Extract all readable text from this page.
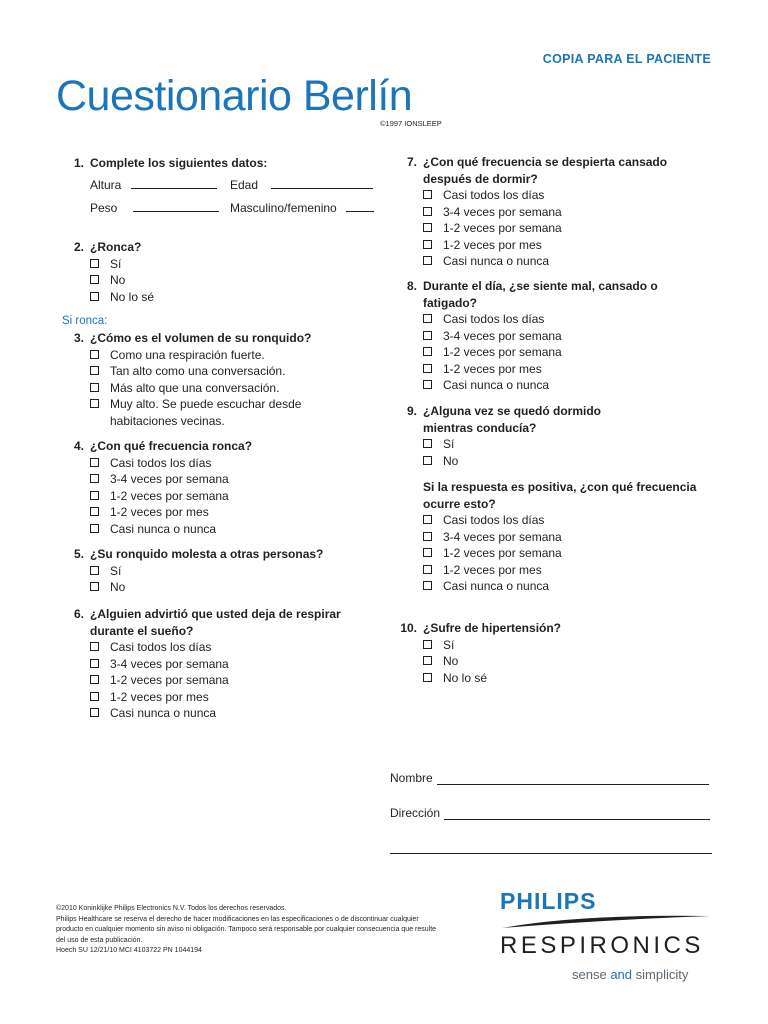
COPIA PARA EL PACIENTE
Cuestionario Berlín
©1997 IONSLEEP
1. Complete los siguientes datos:
Altura	Edad
Peso	Masculino/femenino
2. ¿Ronca?
Sí
No
No lo sé
Si ronca:
3. ¿Cómo es el volumen de su ronquido?
Como una respiración fuerte.
Tan alto como una conversación.
Más alto que una conversación.
Muy alto. Se puede escuchar desde habitaciones vecinas.
4. ¿Con qué frecuencia ronca?
Casi todos los días
3-4 veces por semana
1-2 veces por semana
1-2 veces por mes
Casi nunca o nunca
5. ¿Su ronquido molesta a otras personas?
Sí
No
6. ¿Alguien advirtió que usted deja de respirar durante el sueño?
Casi todos los días
3-4 veces por semana
1-2 veces por semana
1-2 veces por mes
Casi nunca o nunca
7. ¿Con qué frecuencia se despierta cansado después de dormir?
Casi todos los días
3-4 veces por semana
1-2 veces por semana
1-2 veces por mes
Casi nunca o nunca
8. Durante el día, ¿se siente mal, cansado o fatigado?
Casi todos los días
3-4 veces por semana
1-2 veces por semana
1-2 veces por mes
Casi nunca o nunca
9. ¿Alguna vez se quedó dormido mientras conducía?
Sí
No
Si la respuesta es positiva, ¿con qué frecuencia ocurre esto?
Casi todos los días
3-4 veces por semana
1-2 veces por semana
1-2 veces por mes
Casi nunca o nunca
10. ¿Sufre de hipertensión?
Sí
No
No lo sé
Nombre
Dirección
©2010 Koninklijke Philips Electronics N.V. Todos los derechos reservados.
Philips Healthcare se reserva el derecho de hacer modificaciones en las especificaciones o de discontinuar cualquier
producto en cualquier momento sin aviso ni obligación. Tampoco será responsable por cualquier consecuencia que resulte
del uso de esta publicación.
Hoech SU 12/21/10 MCI 4103722 PN 1044194
PHILIPS
RESPIRONICS
sense and simplicity
